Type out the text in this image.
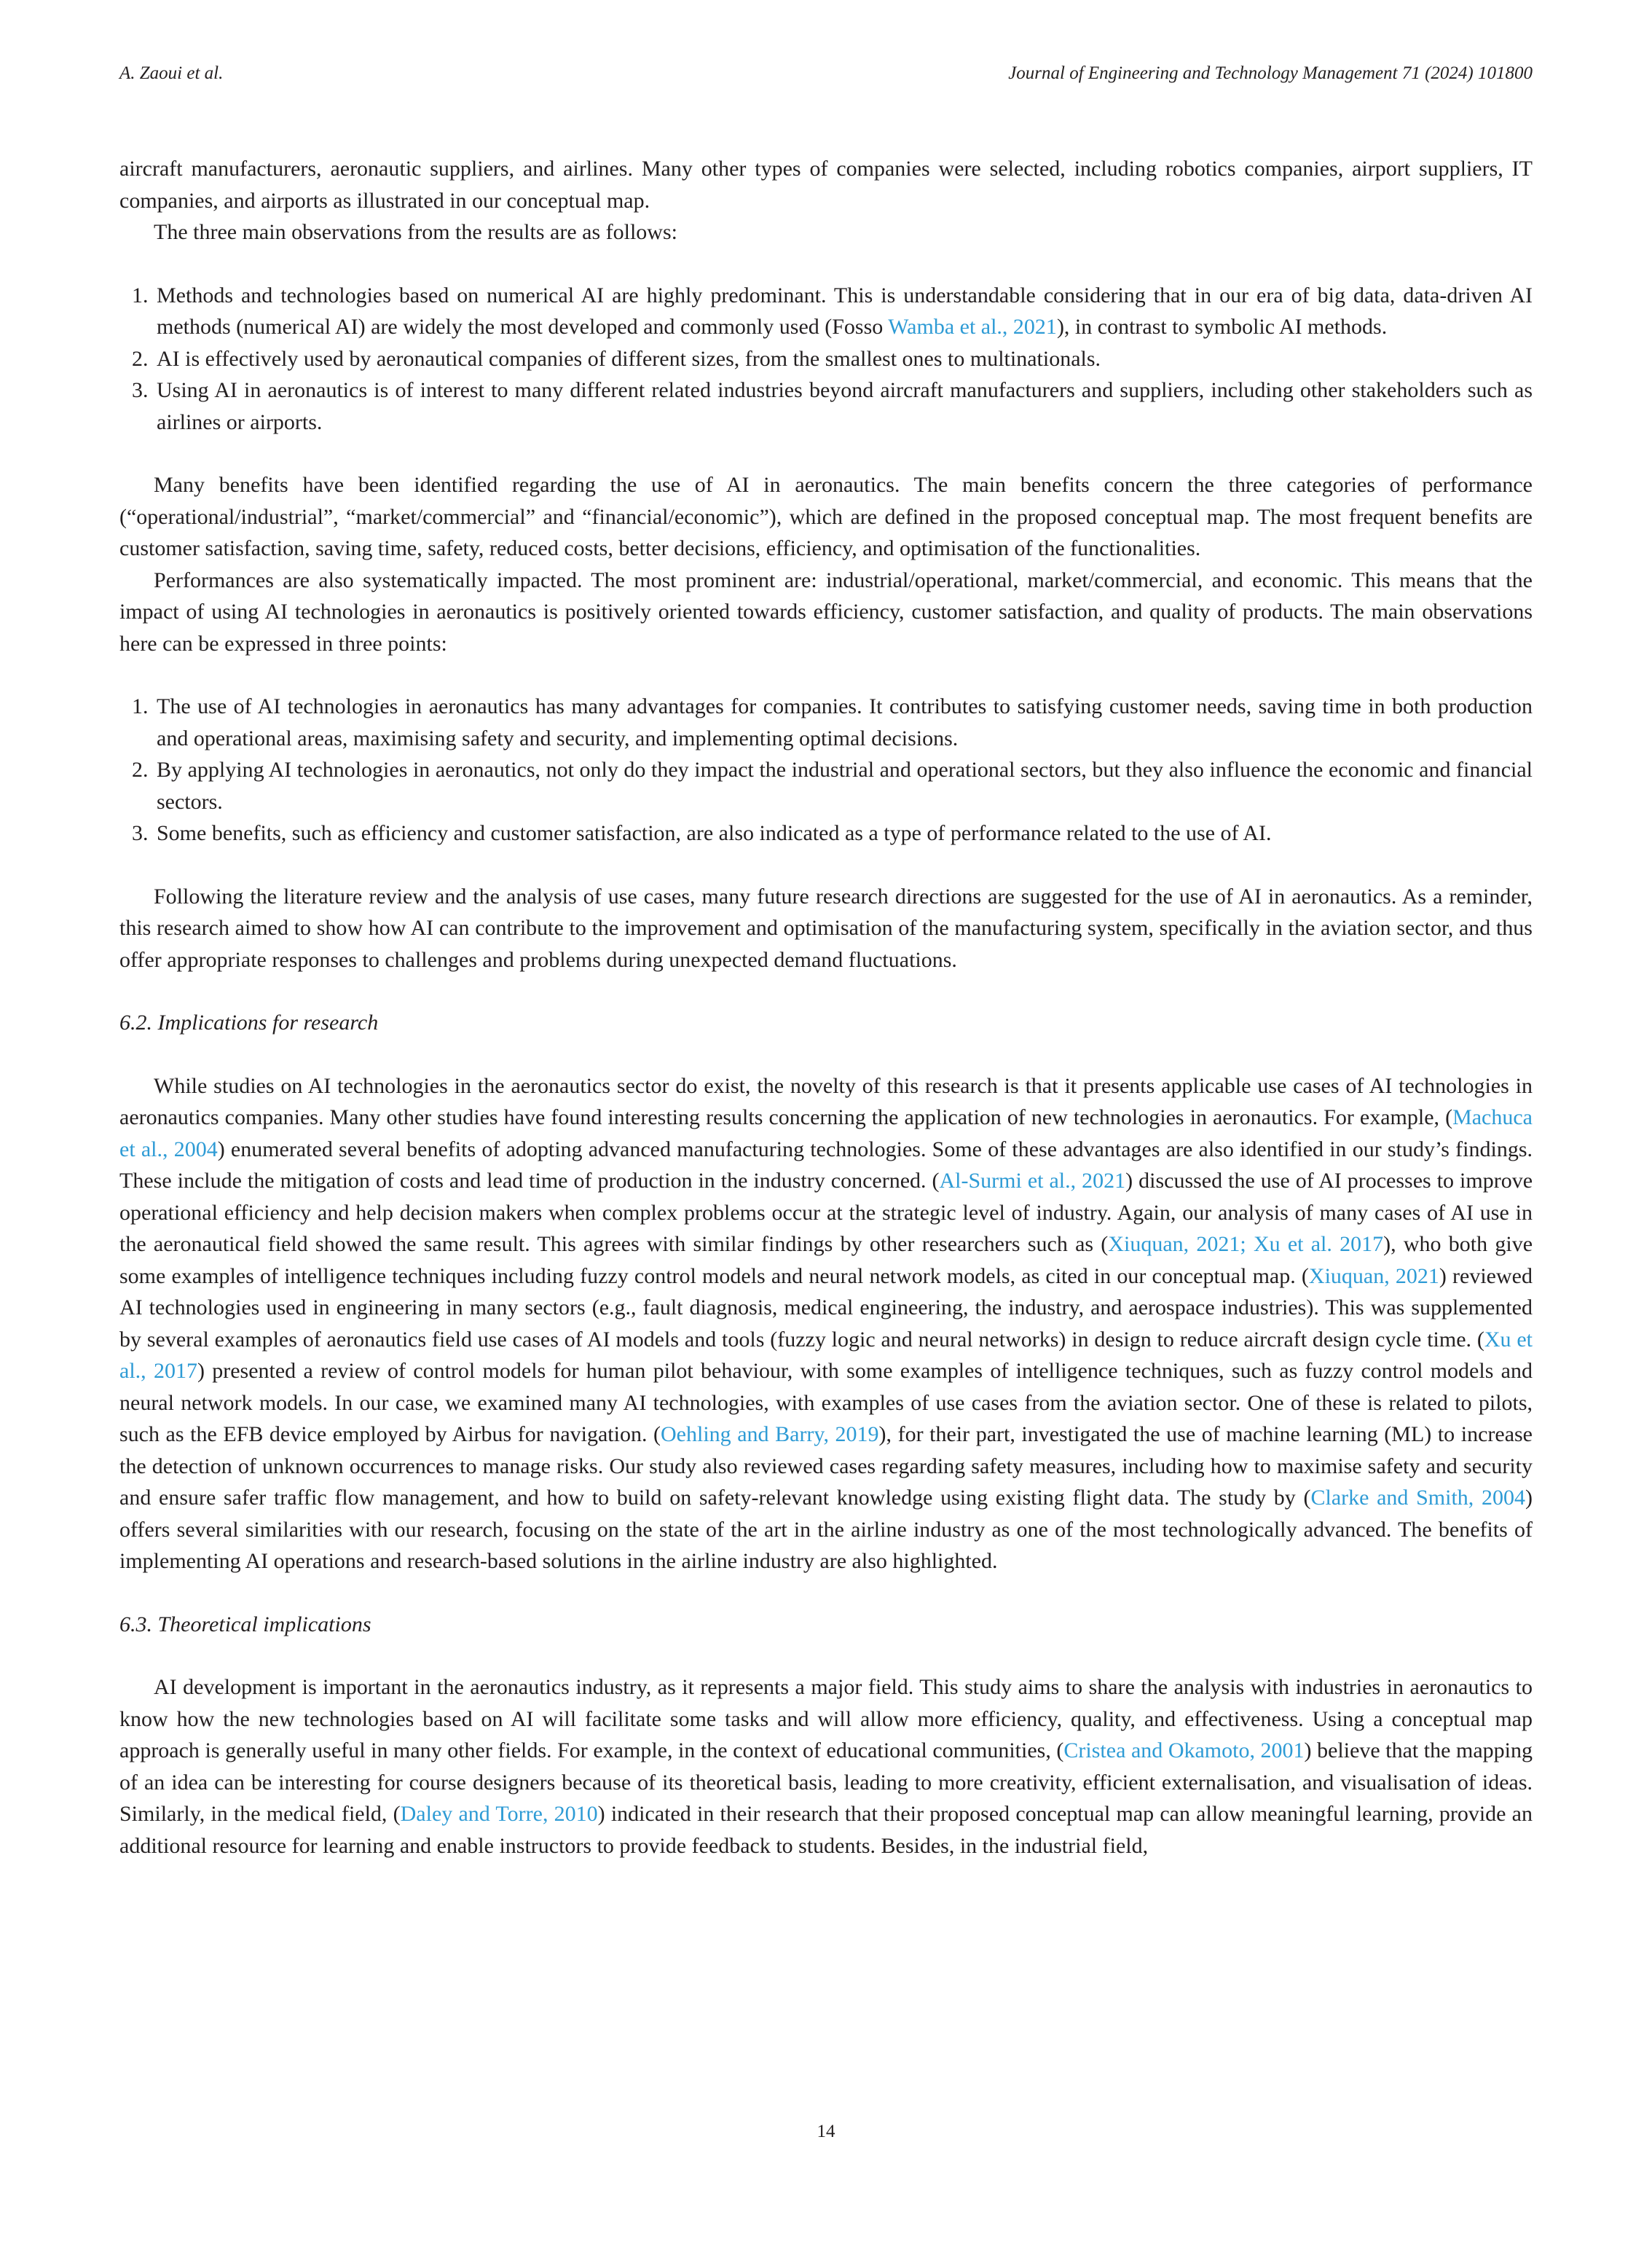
A. Zaoui et al.	Journal of Engineering and Technology Management 71 (2024) 101800

aircraft manufacturers, aeronautic suppliers, and airlines. Many other types of companies were selected, including robotics companies, airport suppliers, IT companies, and airports as illustrated in our conceptual map.

The three main observations from the results are as follows:

1. Methods and technologies based on numerical AI are highly predominant. This is understandable considering that in our era of big data, data-driven AI methods (numerical AI) are widely the most developed and commonly used (Fosso Wamba et al., 2021), in contrast to symbolic AI methods.
2. AI is effectively used by aeronautical companies of different sizes, from the smallest ones to multinationals.
3. Using AI in aeronautics is of interest to many different related industries beyond aircraft manufacturers and suppliers, including other stakeholders such as airlines or airports.

Many benefits have been identified regarding the use of AI in aeronautics. The main benefits concern the three categories of performance (“operational/industrial”, “market/commercial” and “financial/economic”), which are defined in the proposed conceptual map. The most frequent benefits are customer satisfaction, saving time, safety, reduced costs, better decisions, efficiency, and optimisation of the functionalities.

Performances are also systematically impacted. The most prominent are: industrial/operational, market/commercial, and economic. This means that the impact of using AI technologies in aeronautics is positively oriented towards efficiency, customer satisfaction, and quality of products. The main observations here can be expressed in three points:

1. The use of AI technologies in aeronautics has many advantages for companies. It contributes to satisfying customer needs, saving time in both production and operational areas, maximising safety and security, and implementing optimal decisions.
2. By applying AI technologies in aeronautics, not only do they impact the industrial and operational sectors, but they also influence the economic and financial sectors.
3. Some benefits, such as efficiency and customer satisfaction, are also indicated as a type of performance related to the use of AI.

Following the literature review and the analysis of use cases, many future research directions are suggested for the use of AI in aeronautics. As a reminder, this research aimed to show how AI can contribute to the improvement and optimisation of the manufacturing system, specifically in the aviation sector, and thus offer appropriate responses to challenges and problems during unexpected demand fluctuations.

6.2. Implications for research

While studies on AI technologies in the aeronautics sector do exist, the novelty of this research is that it presents applicable use cases of AI technologies in aeronautics companies. Many other studies have found interesting results concerning the application of new technologies in aeronautics. For example, (Machuca et al., 2004) enumerated several benefits of adopting advanced manufacturing technologies. Some of these advantages are also identified in our study’s findings. These include the mitigation of costs and lead time of production in the industry concerned. (Al-Surmi et al., 2021) discussed the use of AI processes to improve operational efficiency and help decision makers when complex problems occur at the strategic level of industry. Again, our analysis of many cases of AI use in the aeronautical field showed the same result. This agrees with similar findings by other researchers such as (Xiuquan, 2021; Xu et al. 2017), who both give some examples of intelligence techniques including fuzzy control models and neural network models, as cited in our conceptual map. (Xiuquan, 2021) reviewed AI technologies used in engineering in many sectors (e.g., fault diagnosis, medical engineering, the industry, and aerospace industries). This was supplemented by several examples of aeronautics field use cases of AI models and tools (fuzzy logic and neural networks) in design to reduce aircraft design cycle time. (Xu et al., 2017) presented a review of control models for human pilot behaviour, with some examples of intelligence techniques, such as fuzzy control models and neural network models. In our case, we examined many AI technologies, with examples of use cases from the aviation sector. One of these is related to pilots, such as the EFB device employed by Airbus for navigation. (Oehling and Barry, 2019), for their part, investigated the use of machine learning (ML) to increase the detection of unknown occurrences to manage risks. Our study also reviewed cases regarding safety measures, including how to maximise safety and security and ensure safer traffic flow management, and how to build on safety-relevant knowledge using existing flight data. The study by (Clarke and Smith, 2004) offers several similarities with our research, focusing on the state of the art in the airline industry as one of the most technologically advanced. The benefits of implementing AI operations and research-based solutions in the airline industry are also highlighted.

6.3. Theoretical implications

AI development is important in the aeronautics industry, as it represents a major field. This study aims to share the analysis with industries in aeronautics to know how the new technologies based on AI will facilitate some tasks and will allow more efficiency, quality, and effectiveness. Using a conceptual map approach is generally useful in many other fields. For example, in the context of educational communities, (Cristea and Okamoto, 2001) believe that the mapping of an idea can be interesting for course designers because of its theoretical basis, leading to more creativity, efficient externalisation, and visualisation of ideas. Similarly, in the medical field, (Daley and Torre, 2010) indicated in their research that their proposed conceptual map can allow meaningful learning, provide an additional resource for learning and enable instructors to provide feedback to students. Besides, in the industrial field,

14
